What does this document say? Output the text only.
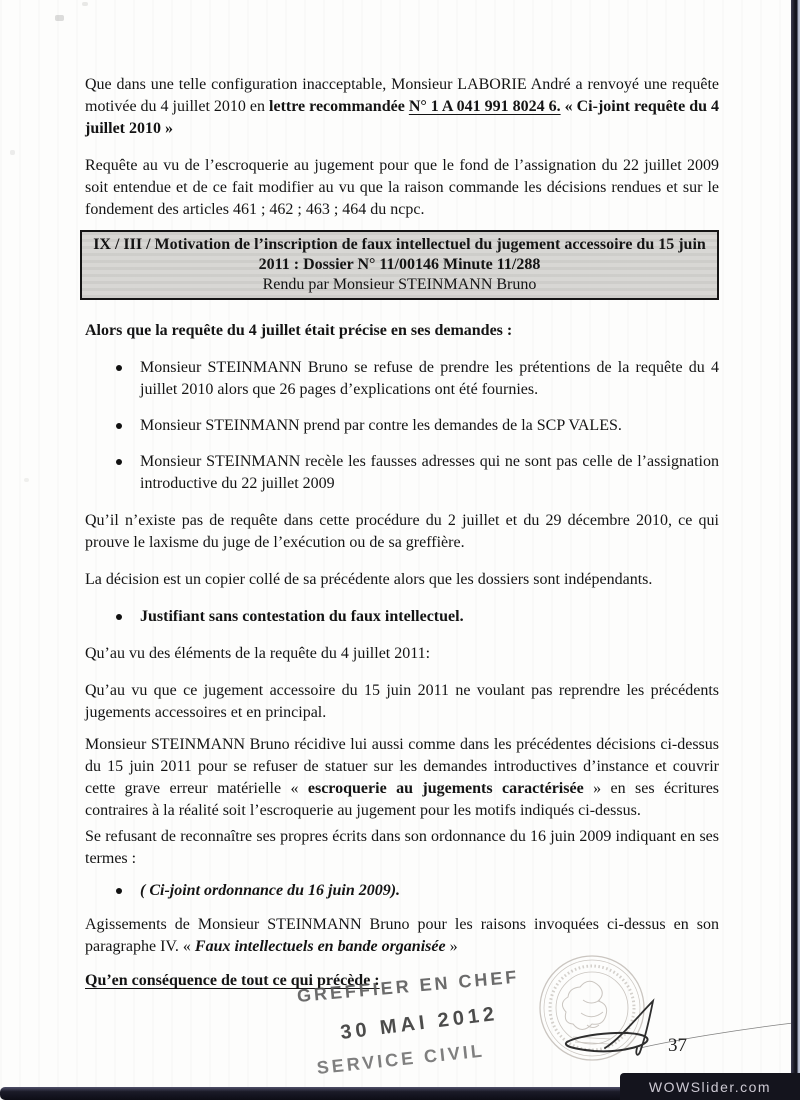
Que dans une telle configuration inacceptable, Monsieur LABORIE André a renvoyé une requête motivée du 4 juillet 2010 en lettre recommandée N° 1 A 041 991 8024 6. « Ci-joint requête du 4 juillet 2010 »

Requête au vu de l’escroquerie au jugement pour que le fond de l’assignation du 22 juillet 2009 soit entendue et de ce fait modifier au vu que la raison commande les décisions rendues et sur le fondement des articles 461 ; 462 ; 463 ; 464 du ncpc.

IX / III / Motivation de l’inscription de faux intellectuel du jugement accessoire du 15 juin 2011 : Dossier N° 11/00146 Minute 11/288
Rendu par Monsieur STEINMANN Bruno

Alors que la requête du 4 juillet était précise en ses demandes :

Monsieur STEINMANN Bruno se refuse de prendre les prétentions de la requête du 4 juillet 2010 alors que 26 pages d’explications ont été fournies.
Monsieur STEINMANN prend par contre les demandes de la SCP VALES.
Monsieur STEINMANN recèle les fausses adresses qui ne sont pas celle de l’assignation introductive du 22 juillet 2009

Qu’il n’existe pas de requête dans cette procédure du 2 juillet et du 29 décembre 2010, ce qui prouve le laxisme du juge de l’exécution ou de sa greffière.

La décision est un copier collé de sa précédente alors que les dossiers sont indépendants.

Justifiant sans contestation du faux intellectuel.

Qu’au vu des éléments de la requête du 4 juillet 2011:

Qu’au vu que ce jugement accessoire du 15 juin 2011 ne voulant pas reprendre les précédents jugements accessoires et en principal.

Monsieur STEINMANN Bruno récidive lui aussi comme dans les précédentes décisions ci-dessus du 15 juin 2011 pour se refuser de statuer sur les demandes introductives d’instance et couvrir cette grave erreur matérielle « escroquerie au jugements caractérisée » en ses écritures contraires à la réalité soit l’escroquerie au jugement pour les motifs indiqués ci-dessus.

Se refusant de reconnaître ses propres écrits dans son ordonnance du 16 juin 2009 indiquant en ses termes :

( Ci-joint ordonnance du 16 juin 2009).

Agissements de Monsieur STEINMANN Bruno pour les raisons invoquées ci-dessus en son paragraphe IV. « Faux intellectuels en bande organisée »

Qu’en conséquence de tout ce qui précède :

GREFFIER EN CHEF
30 MAI 2012
SERVICE CIVIL	37
WOWSlider.com
